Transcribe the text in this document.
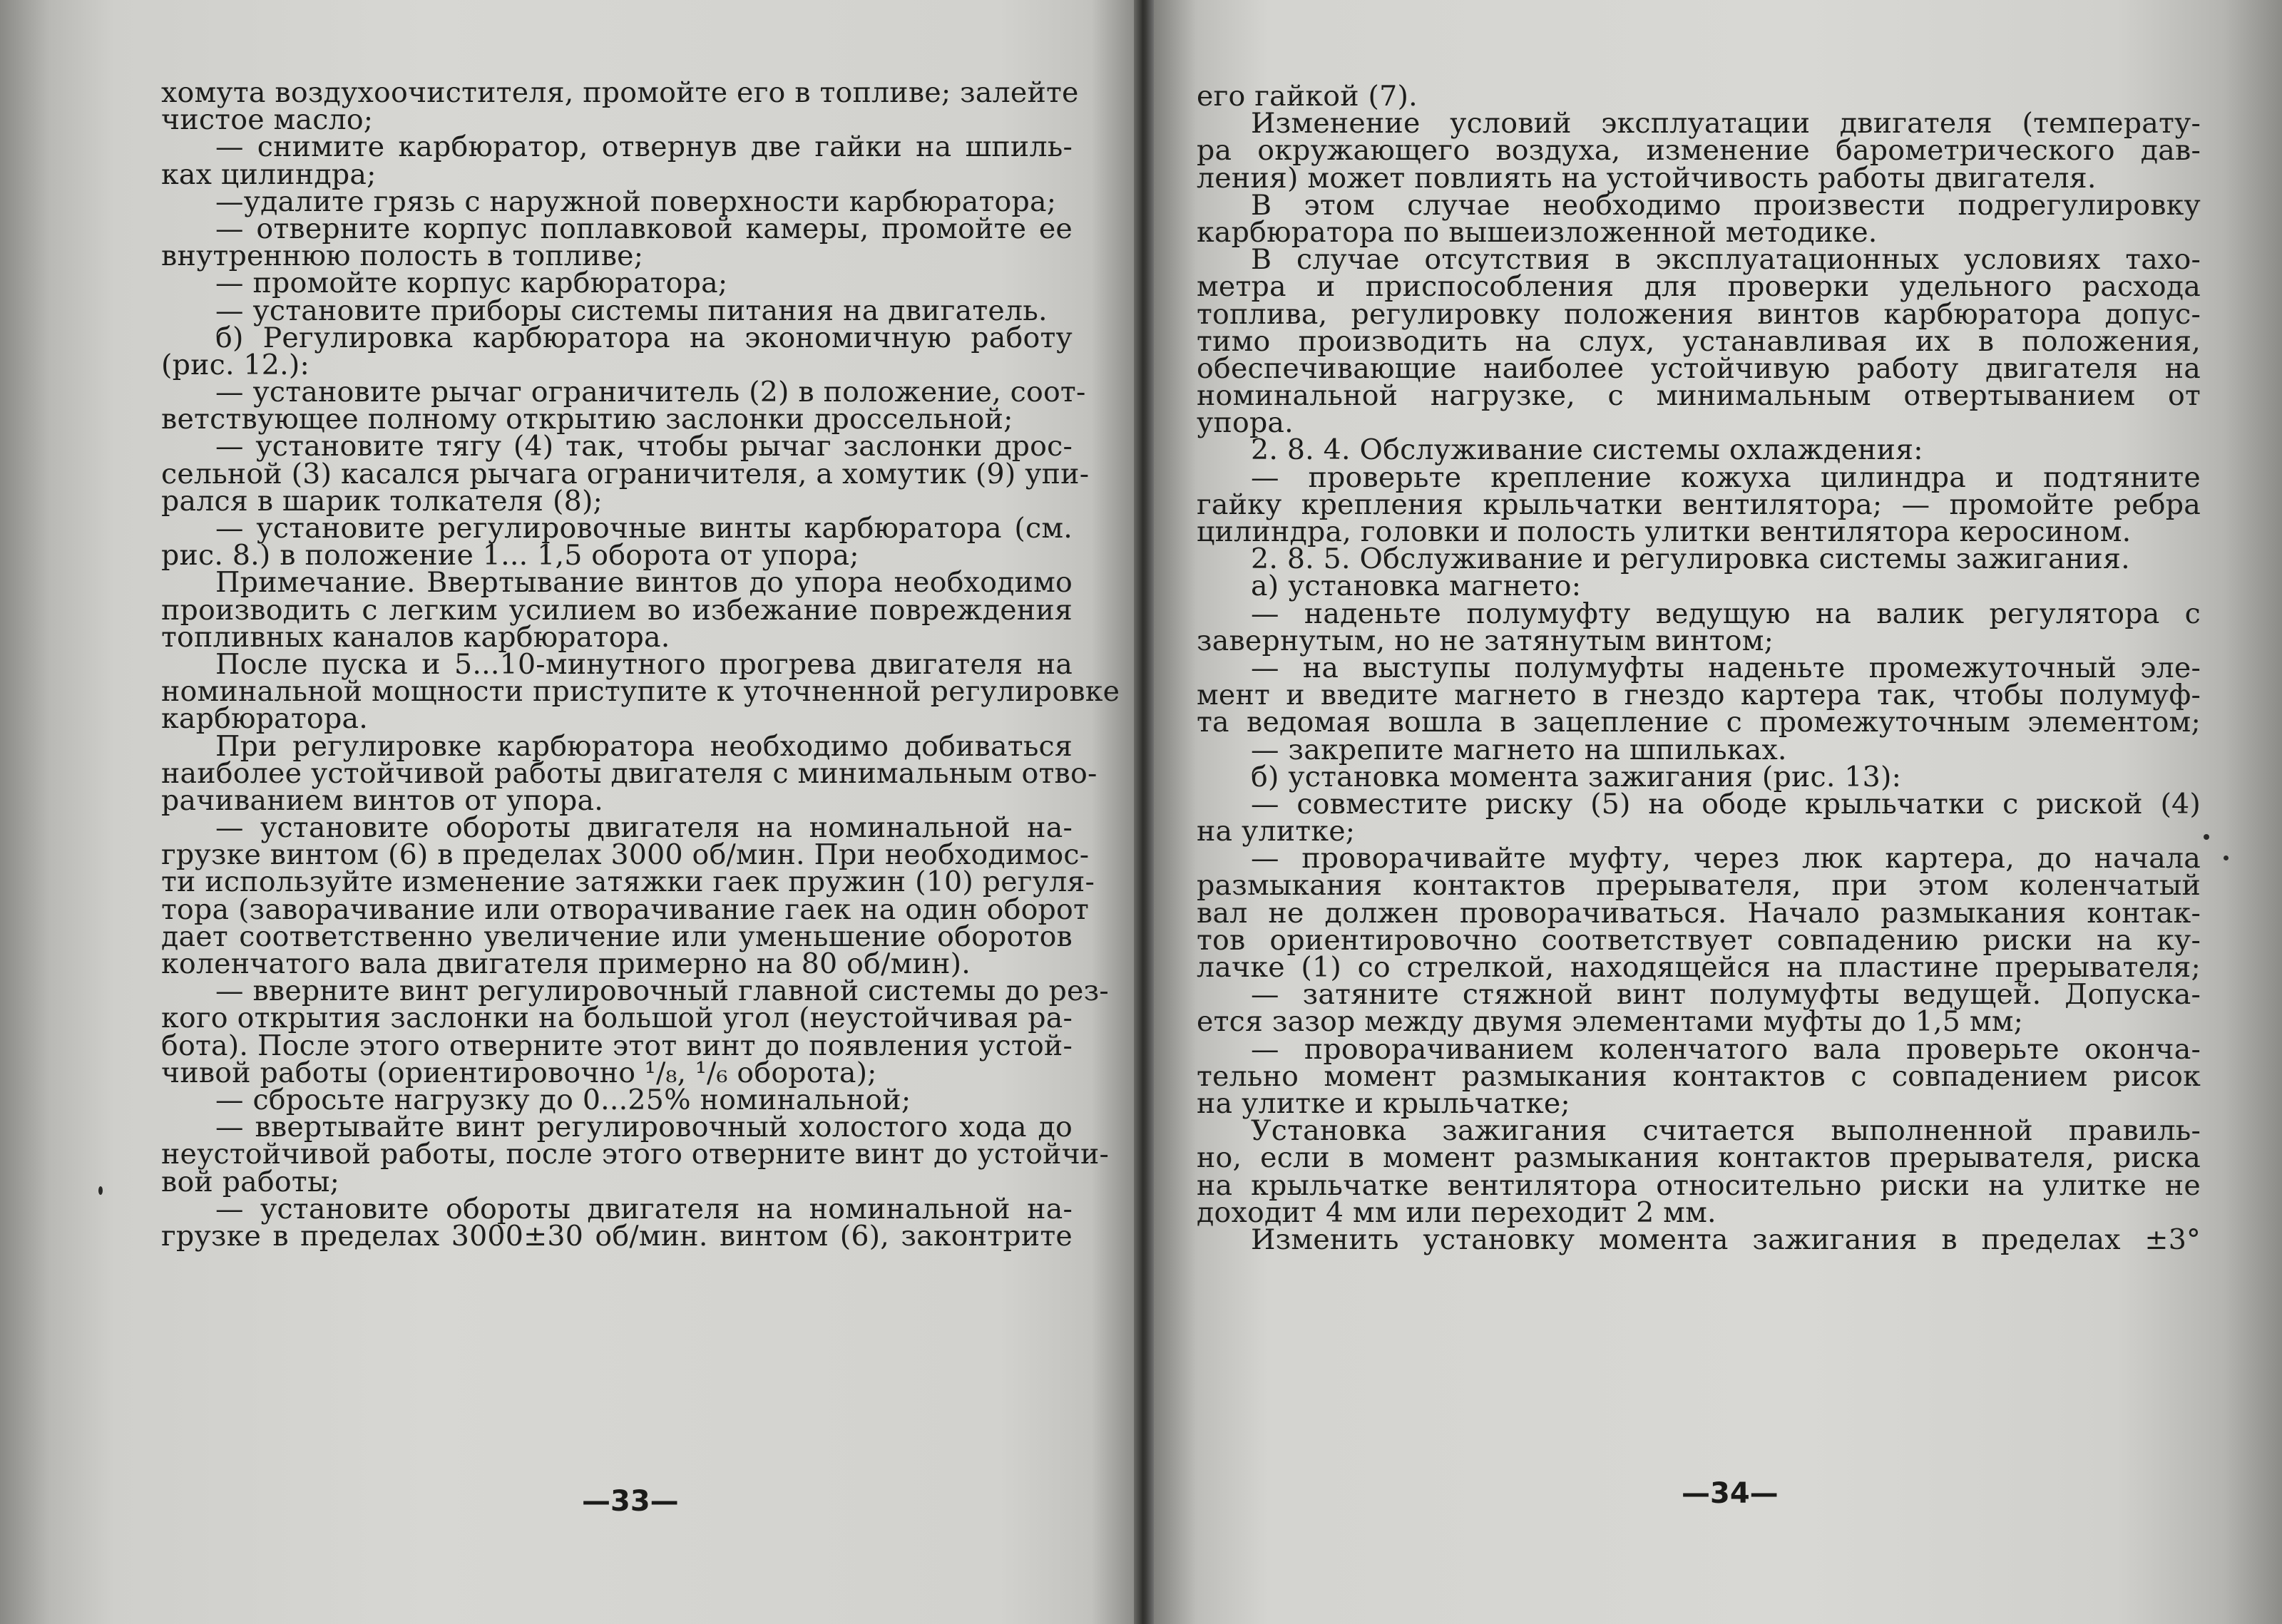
хомута воздухоочистителя, промойте его в топливе; залейте
чистое масло;
— снимите карбюратор, отвернув две гайки на шпиль-
ках цилиндра;
—удалите грязь с наружной поверхности карбюратора;
— отверните корпус поплавковой камеры, промойте ее
внутреннюю полость в топливе;
— промойте корпус карбюратора;
— установите приборы системы питания на двигатель.
б) Регулировка карбюратора на экономичную работу
(рис. 12.):
— установите рычаг ограничитель (2) в положение, соот-
ветствующее полному открытию заслонки дроссельной;
— установите тягу (4) так, чтобы рычаг заслонки дрос-
сельной (3) касался рычага ограничителя, а хомутик (9) упи-
рался в шарик толкателя (8);
— установите регулировочные винты карбюратора (см.
рис. 8.) в положение 1... 1,5 оборота от упора;
Примечание. Ввертывание винтов до упора необходимо
производить с легким усилием во избежание повреждения
топливных каналов карбюратора.
После пуска и 5...10-минутного прогрева двигателя на
номинальной мощности приступите к уточненной регулировке
карбюратора.
При регулировке карбюратора необходимо добиваться
наиболее устойчивой работы двигателя с минимальным отво-
рачиванием винтов от упора.
— установите обороты двигателя на номинальной на-
грузке винтом (6) в пределах 3000 об/мин. При необходимос-
ти используйте изменение затяжки гаек пружин (10) регуля-
тора (заворачивание или отворачивание гаек на один оборот
дает соответственно увеличение или уменьшение оборотов
коленчатого вала двигателя примерно на 80 об/мин).
— вверните винт регулировочный главной системы до рез-
кого открытия заслонки на большой угол (неустойчивая ра-
бота). После этого отверните этот винт до появления устой-
чивой работы (ориентировочно ¹/₈, ¹/₆ оборота);
— сбросьте нагрузку до 0...25% номинальной;
— ввертывайте винт регулировочный холостого хода до
неустойчивой работы, после этого отверните винт до устойчи-
вой работы;
— установите обороты двигателя на номинальной на-
грузке в пределах 3000±30 об/мин. винтом (6), законтрите
—33—
его гайкой (7).
Изменение условий эксплуатации двигателя (температу-
ра окружающего воздуха, изменение барометрического дав-
ления) может повлиять на устойчивость работы двигателя.
В этом случае необходимо произвести подрегулировку
карбюратора по вышеизложенной методике.
В случае отсутствия в эксплуатационных условиях тахо-
метра и приспособления для проверки удельного расхода
топлива, регулировку положения винтов карбюратора допус-
тимо производить на слух, устанавливая их в положения,
обеспечивающие наиболее устойчивую работу двигателя на
номинальной нагрузке, с минимальным отвертыванием от
упора.
2. 8. 4. Обслуживание системы охлаждения:
— проверьте крепление кожуха цилиндра и подтяните
гайку крепления крыльчатки вентилятора; — промойте ребра
цилиндра, головки и полость улитки вентилятора керосином.
2. 8. 5. Обслуживание и регулировка системы зажигания.
а) установка магнето:
— наденьте полумуфту ведущую на валик регулятора с
завернутым, но не затянутым винтом;
— на выступы полумуфты наденьте промежуточный эле-
мент и введите магнето в гнездо картера так, чтобы полумуф-
та ведомая вошла в зацепление с промежуточным элементом;
— закрепите магнето на шпильках.
б) установка момента зажигания (рис. 13):
— совместите риску (5) на ободе крыльчатки с риской (4)
на улитке;
— проворачивайте муфту, через люк картера, до начала
размыкания контактов прерывателя, при этом коленчатый
вал не должен проворачиваться. Начало размыкания контак-
тов ориентировочно соответствует совпадению риски на ку-
лачке (1) со стрелкой, находящейся на пластине прерывателя;
— затяните стяжной винт полумуфты ведущей. Допуска-
ется зазор между двумя элементами муфты до 1,5 мм;
— проворачиванием коленчатого вала проверьте оконча-
тельно момент размыкания контактов с совпадением рисок
на улитке и крыльчатке;
Установка зажигания считается выполненной правиль-
но, если в момент размыкания контактов прерывателя, риска
на крыльчатке вентилятора относительно риски на улитке не
доходит 4 мм или переходит 2 мм.
Изменить установку момента зажигания в пределах ±3°
—34—
